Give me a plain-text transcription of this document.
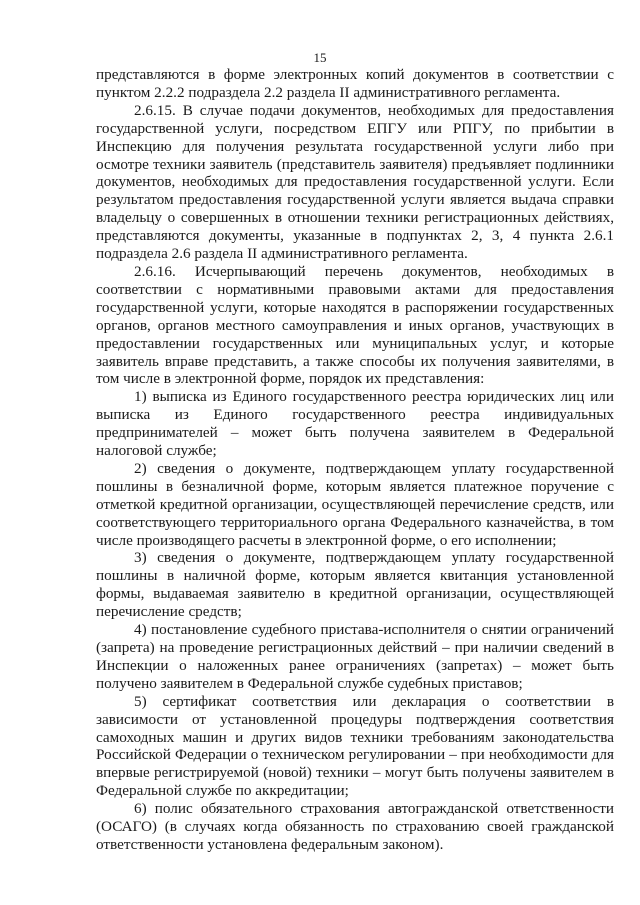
15

представляются в форме электронных копий документов в соответствии с пунктом 2.2.2 подраздела 2.2 раздела II административного регламента.

2.6.15. В случае подачи документов, необходимых для предоставления государственной услуги, посредством ЕПГУ или РПГУ, по прибытии в Инспекцию для получения результата государственной услуги либо при осмотре техники заявитель (представитель заявителя) предъявляет подлинники документов, необходимых для предоставления государственной услуги. Если результатом предоставления государственной услуги является выдача справки владельцу о совершенных в отношении техники регистрационных действиях, представляются документы, указанные в подпунктах 2, 3, 4 пункта 2.6.1 подраздела 2.6 раздела II административного регламента.

2.6.16. Исчерпывающий перечень документов, необходимых в соответствии с нормативными правовыми актами для предоставления государственной услуги, которые находятся в распоряжении государственных органов, органов местного самоуправления и иных органов, участвующих в предоставлении государственных или муниципальных услуг, и которые заявитель вправе представить, а также способы их получения заявителями, в том числе в электронной форме, порядок их представления:

1) выписка из Единого государственного реестра юридических лиц или выписка из Единого государственного реестра индивидуальных предпринимателей – может быть получена заявителем в Федеральной налоговой службе;

2) сведения о документе, подтверждающем уплату государственной пошлины в безналичной форме, которым является платежное поручение с отметкой кредитной организации, осуществляющей перечисление средств, или соответствующего территориального органа Федерального казначейства, в том числе производящего расчеты в электронной форме, о его исполнении;

3) сведения о документе, подтверждающем уплату государственной пошлины в наличной форме, которым является квитанция установленной формы, выдаваемая заявителю в кредитной организации, осуществляющей перечисление средств;

4) постановление судебного пристава-исполнителя о снятии ограничений (запрета) на проведение регистрационных действий – при наличии сведений в Инспекции о наложенных ранее ограничениях (запретах) – может быть получено заявителем в Федеральной службе судебных приставов;

5) сертификат соответствия или декларация о соответствии в зависимости от установленной процедуры подтверждения соответствия самоходных машин и других видов техники требованиям законодательства Российской Федерации о техническом регулировании – при необходимости для впервые регистрируемой (новой) техники – могут быть получены заявителем в Федеральной службе по аккредитации;

6) полис обязательного страхования автогражданской ответственности (ОСАГО) (в случаях когда обязанность по страхованию своей гражданской ответственности установлена федеральным законом).
